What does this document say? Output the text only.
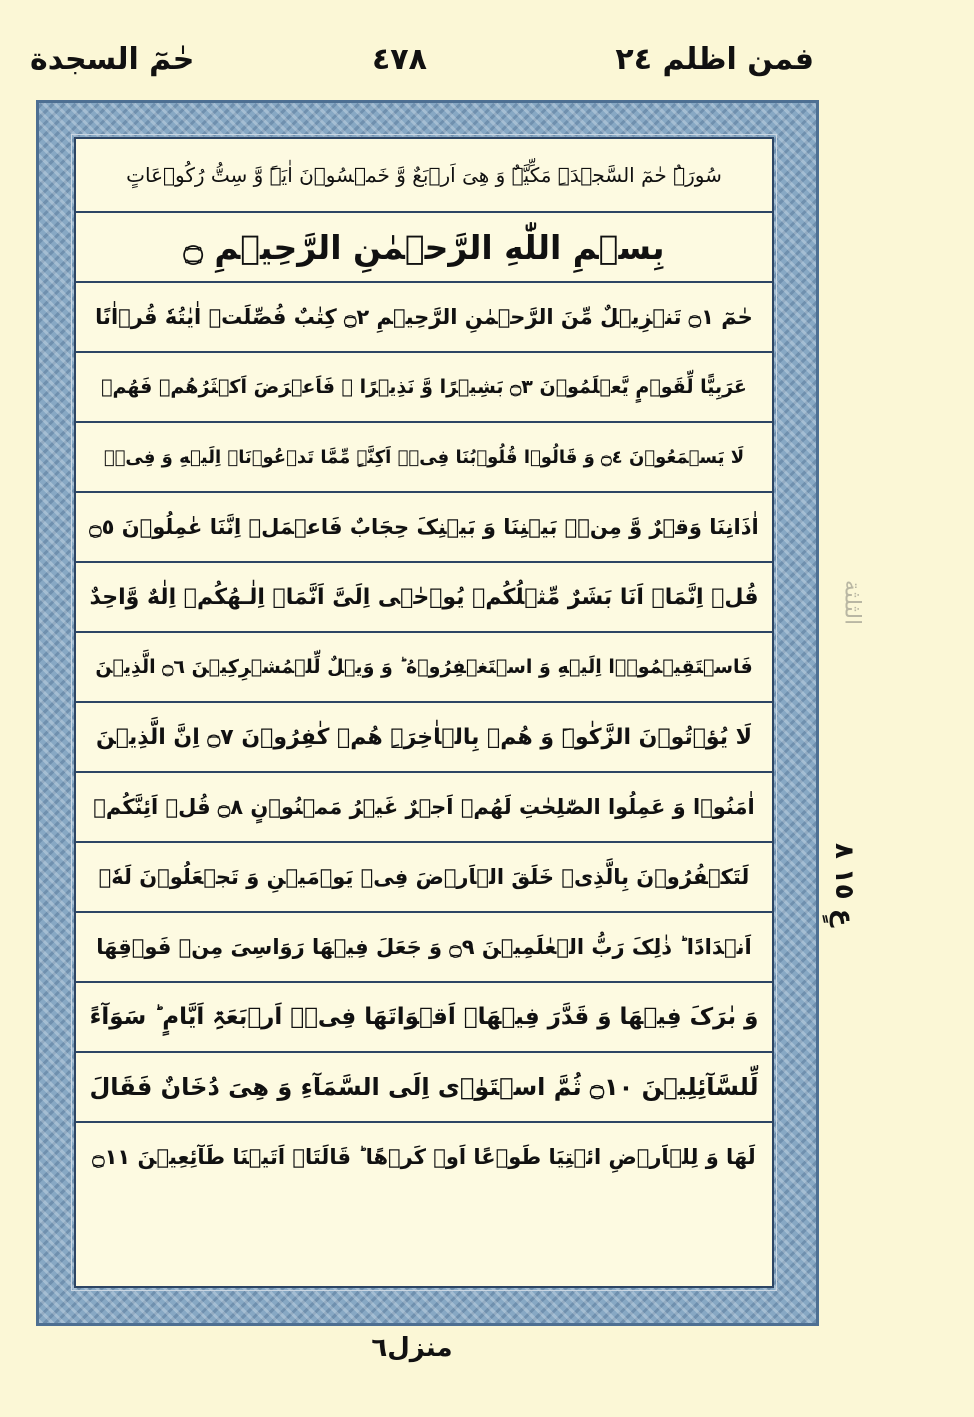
فمن اظلم ٢٤
٤٧٨
حٰمٓ السجدة
سُورَۃُ حٰمٓ السَّجۡدَۃِ مَکِّیَّۃٌ وَ هِیَ اَرۡبَعٌ وَّ خَمۡسُوۡنَ اٰیَۃً وَّ سِتُّ رُکُوۡعَاتٍ
بِسۡمِ اللّٰهِ الرَّحۡمٰنِ الرَّحِیۡمِ ۝
حٰمٓ ۝١ تَنۡزِیۡلٌ مِّنَ الرَّحۡمٰنِ الرَّحِیۡمِ ۝٢ کِتٰبٌ فُصِّلَتۡ اٰیٰتُهٗ قُرۡاٰنًا
عَرَبِیًّا لِّقَوۡمٍ یَّعۡلَمُوۡنَ ۝٣ بَشِیۡرًا وَّ نَذِیۡرًا ۚ فَاَعۡرَضَ اَکۡثَرُهُمۡ فَهُمۡ
لَا یَسۡمَعُوۡنَ ۝٤ وَ قَالُوۡا قُلُوۡبُنَا فِیۡۤ اَکِنَّۃٍ مِّمَّا تَدۡعُوۡنَاۤ اِلَیۡهِ وَ فِیۡۤ
اٰذَانِنَا وَقۡرٌ وَّ مِنۡۢ بَیۡنِنَا وَ بَیۡنِکَ حِجَابٌ فَاعۡمَلۡ اِنَّنَا عٰمِلُوۡنَ ۝٥
قُلۡ اِنَّمَاۤ اَنَا بَشَرٌ مِّثۡلُکُمۡ یُوۡحٰۤی اِلَیَّ اَنَّمَاۤ اِلٰـهُکُمۡ اِلٰهٌ وَّاحِدٌ
فَاسۡتَقِیۡمُوۡۤا اِلَیۡهِ وَ اسۡتَغۡفِرُوۡهُ ؕ وَ وَیۡلٌ لِّلۡمُشۡرِکِیۡنَ ۝٦ الَّذِیۡنَ
لَا یُؤۡتُوۡنَ الزَّکٰوۃَ وَ هُمۡ بِالۡاٰخِرَۃِ هُمۡ کٰفِرُوۡنَ ۝٧ اِنَّ الَّذِیۡنَ
اٰمَنُوۡا وَ عَمِلُوا الصّٰلِحٰتِ لَهُمۡ اَجۡرٌ غَیۡرُ مَمۡنُوۡنٍ ۝٨ قُلۡ اَئِنَّکُمۡ
لَتَکۡفُرُوۡنَ بِالَّذِیۡ خَلَقَ الۡاَرۡضَ فِیۡ یَوۡمَیۡنِ وَ تَجۡعَلُوۡنَ لَهٗۤ
اَنۡدَادًا ؕ ذٰلِکَ رَبُّ الۡعٰلَمِیۡنَ ۝٩ وَ جَعَلَ فِیۡهَا رَوَاسِیَ مِنۡ فَوۡقِهَا
وَ بٰرَکَ فِیۡهَا وَ قَدَّرَ فِیۡهَاۤ اَقۡوَاتَهَا فِیۡۤ اَرۡبَعَۃِ اَیَّامٍ ؕ سَوَآءً
لِّلسَّآئِلِیۡنَ ۝١٠ ثُمَّ اسۡتَوٰۤی اِلَی السَّمَآءِ وَ هِیَ دُخَانٌ فَقَالَ
لَهَا وَ لِلۡاَرۡضِ ائۡتِیَا طَوۡعًا اَوۡ کَرۡهًا ؕ قَالَتَاۤ اَتَیۡنَا طَآئِعِیۡنَ ۝١١
الثلثة
عٍ ١٥ ٨
منزل٦
